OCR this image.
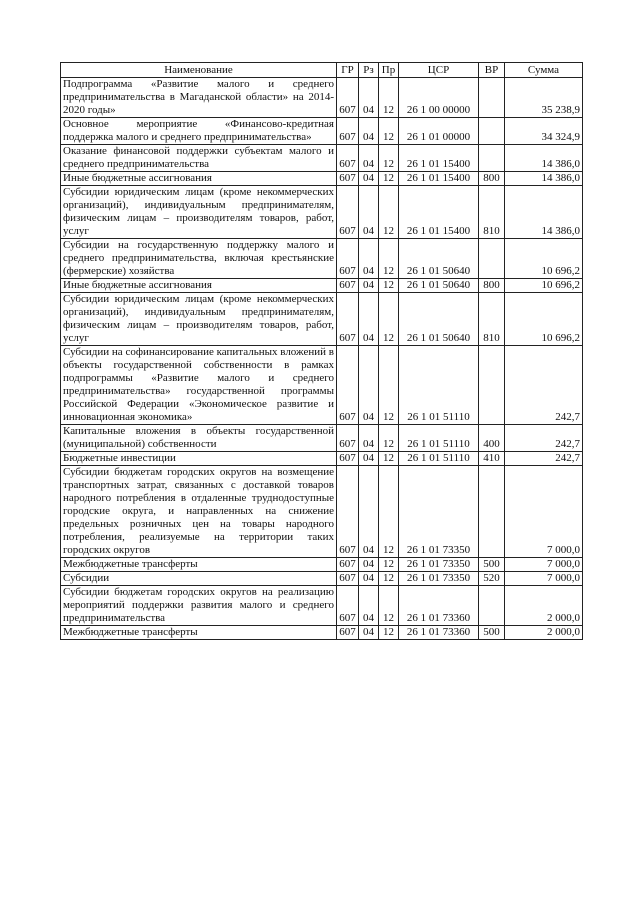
Наименование	ГР	Рз	Пр	ЦСР	ВР	Сумма
Подпрограмма «Развитие малого и среднего предпринимательства в Магаданской области» на 2014-2020 годы»	607	04	12	26 1 00 00000		35 238,9
Основное мероприятие «Финансово-кредитная поддержка малого и среднего предпринимательства»	607	04	12	26 1 01 00000		34 324,9
Оказание финансовой поддержки субъектам малого и среднего предпринимательства	607	04	12	26 1 01 15400		14 386,0
Иные бюджетные ассигнования	607	04	12	26 1 01 15400	800	14 386,0
Субсидии юридическим лицам (кроме некоммерческих организаций), индивидуальным предпринимателям, физическим лицам – производителям товаров, работ, услуг	607	04	12	26 1 01 15400	810	14 386,0
Субсидии на государственную поддержку малого и среднего предпринимательства, включая крестьянские (фермерские) хозяйства	607	04	12	26 1 01 50640		10 696,2
Иные бюджетные ассигнования	607	04	12	26 1 01 50640	800	10 696,2
Субсидии юридическим лицам (кроме некоммерческих организаций), индивидуальным предпринимателям, физическим лицам – производителям товаров, работ, услуг	607	04	12	26 1 01 50640	810	10 696,2
Субсидии на софинансирование капитальных вложений в объекты государственной собственности в рамках подпрограммы «Развитие малого и среднего предпринимательства» государственной программы Российской Федерации «Экономическое развитие и инновационная экономика»	607	04	12	26 1 01 51110		242,7
Капитальные вложения в объекты государственной (муниципальной) собственности	607	04	12	26 1 01 51110	400	242,7
Бюджетные инвестиции	607	04	12	26 1 01 51110	410	242,7
Субсидии бюджетам городских округов на возмещение транспортных затрат, связанных с доставкой товаров народного потребления в отдаленные труднодоступные городские округа, и направленных на снижение предельных розничных цен на товары народного потребления, реализуемые на территории таких городских округов	607	04	12	26 1 01 73350		7 000,0
Межбюджетные трансферты	607	04	12	26 1 01 73350	500	7 000,0
Субсидии	607	04	12	26 1 01 73350	520	7 000,0
Субсидии бюджетам городских округов на реализацию мероприятий поддержки развития малого и среднего предпринимательства	607	04	12	26 1 01 73360		2 000,0
Межбюджетные трансферты	607	04	12	26 1 01 73360	500	2 000,0
